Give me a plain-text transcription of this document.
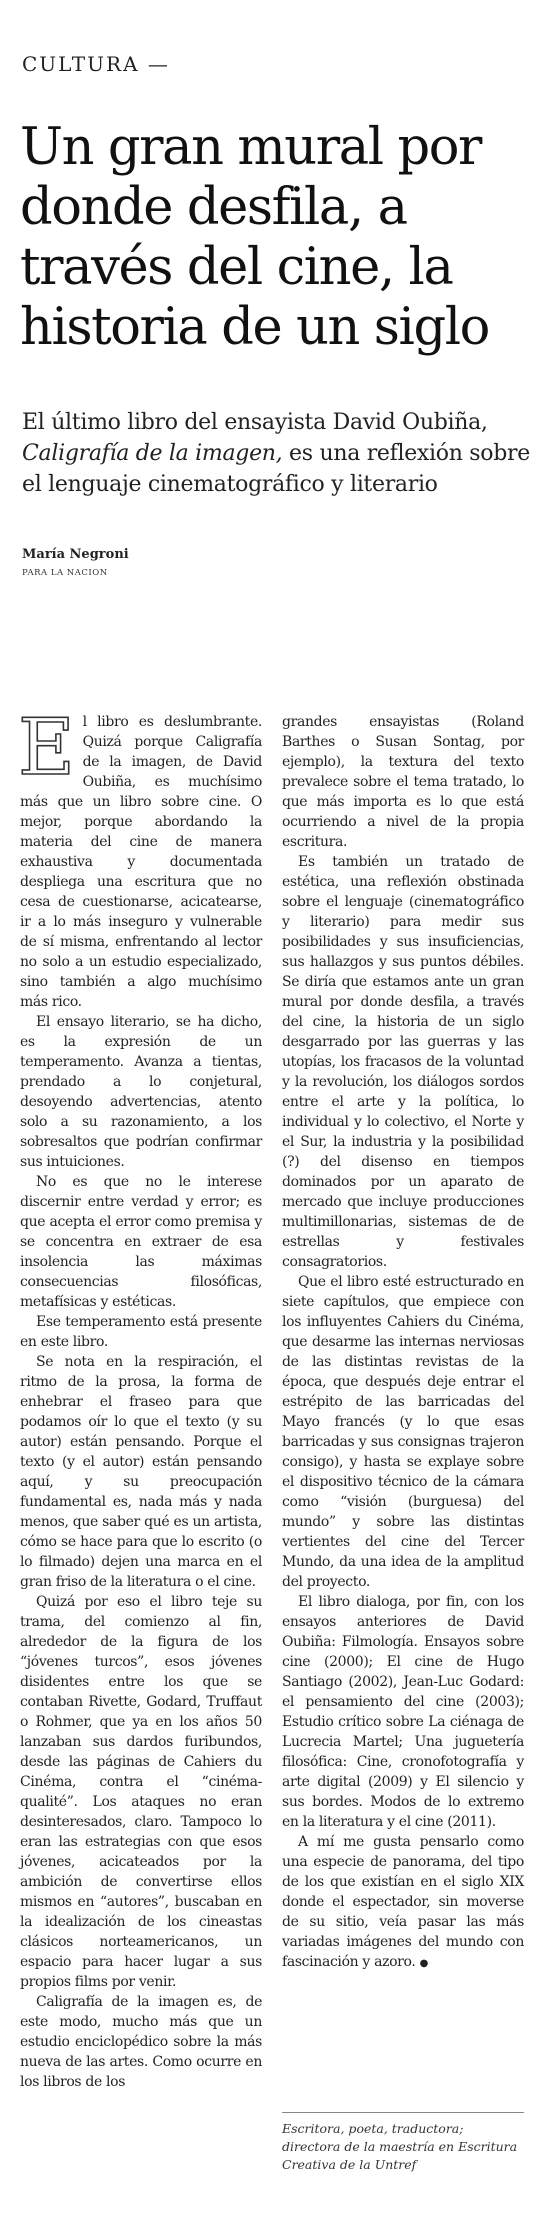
CULTURA —
Un gran mural por donde desfila, a través del cine, la historia de un siglo

El último libro del ensayista David Oubiña, Caligrafía de la imagen, es una reflexión sobre el lenguaje cinematográfico y literario

María Negroni
PARA LA NACION

El libro es deslumbrante. Quizá porque Caligrafía de la imagen, de David Oubiña, es muchísimo más que un libro sobre cine. O mejor, porque abordando la materia del cine de manera exhaustiva y documentada despliega una escritura que no cesa de cuestionarse, acicatearse, ir a lo más inseguro y vulnerable de sí misma, enfrentando al lector no solo a un estudio especializado, sino también a algo muchísimo más rico.

El ensayo literario, se ha dicho, es la expresión de un temperamento. Avanza a tientas, prendado a lo conjetural, desoyendo advertencias, atento solo a su razonamiento, a los sobresaltos que podrían confirmar sus intuiciones.

No es que no le interese discernir entre verdad y error; es que acepta el error como premisa y se concentra en extraer de esa insolencia las máximas consecuencias filosóficas, metafísicas y estéticas.

Ese temperamento está presente en este libro.

Se nota en la respiración, el ritmo de la prosa, la forma de enhebrar el fraseo para que podamos oír lo que el texto (y su autor) están pensando. Porque el texto (y el autor) están pensando aquí, y su preocupación fundamental es, nada más y nada menos, que saber qué es un artista, cómo se hace para que lo escrito (o lo filmado) dejen una marca en el gran friso de la literatura o el cine.

Quizá por eso el libro teje su trama, del comienzo al fin, alrededor de la figura de los “jóvenes turcos”, esos jóvenes disidentes entre los que se contaban Rivette, Godard, Truffaut o Rohmer, que ya en los años 50 lanzaban sus dardos furibundos, desde las páginas de Cahiers du Cinéma, contra el “cinéma-qualité”. Los ataques no eran desinteresados, claro. Tampoco lo eran las estrategias con que esos jóvenes, acicateados por la ambición de convertirse ellos mismos en “autores”, buscaban en la idealización de los cineastas clásicos norteamericanos, un espacio para hacer lugar a sus propios films por venir.

Caligrafía de la imagen es, de este modo, mucho más que un estudio enciclopédico sobre la más nueva de las artes. Como ocurre en los libros de los

grandes ensayistas (Roland Barthes o Susan Sontag, por ejemplo), la textura del texto prevalece sobre el tema tratado, lo que más importa es lo que está ocurriendo a nivel de la propia escritura.

Es también un tratado de estética, una reflexión obstinada sobre el lenguaje (cinematográfico y literario) para medir sus posibilidades y sus insuficiencias, sus hallazgos y sus puntos débiles. Se diría que estamos ante un gran mural por donde desfila, a través del cine, la historia de un siglo desgarrado por las guerras y las utopías, los fracasos de la voluntad y la revolución, los diálogos sordos entre el arte y la política, lo individual y lo colectivo, el Norte y el Sur, la industria y la posibilidad (?) del disenso en tiempos dominados por un aparato de mercado que incluye producciones multimillonarias, sistemas de de estrellas y festivales consagratorios.

Que el libro esté estructurado en siete capítulos, que empiece con los influyentes Cahiers du Cinéma, que desarme las internas nerviosas de las distintas revistas de la época, que después deje entrar el estrépito de las barricadas del Mayo francés (y lo que esas barricadas y sus consignas trajeron consigo), y hasta se explaye sobre el dispositivo técnico de la cámara como “visión (burguesa) del mundo” y sobre las distintas vertientes del cine del Tercer Mundo, da una idea de la amplitud del proyecto.

El libro dialoga, por fin, con los ensayos anteriores de David Oubiña: Filmología. Ensayos sobre cine (2000); El cine de Hugo Santiago (2002), Jean-Luc Godard: el pensamiento del cine (2003); Estudio crítico sobre La ciénaga de Lucrecia Martel; Una juguetería filosófica: Cine, cronofotografía y arte digital (2009) y El silencio y sus bordes. Modos de lo extremo en la literatura y el cine (2011).

A mí me gusta pensarlo como una especie de panorama, del tipo de los que existían en el siglo XIX donde el espectador, sin moverse de su sitio, veía pasar las más variadas imágenes del mundo con fascinación y azoro. ●

Escritora, poeta, traductora; directora de la maestría en Escritura Creativa de la Untref
